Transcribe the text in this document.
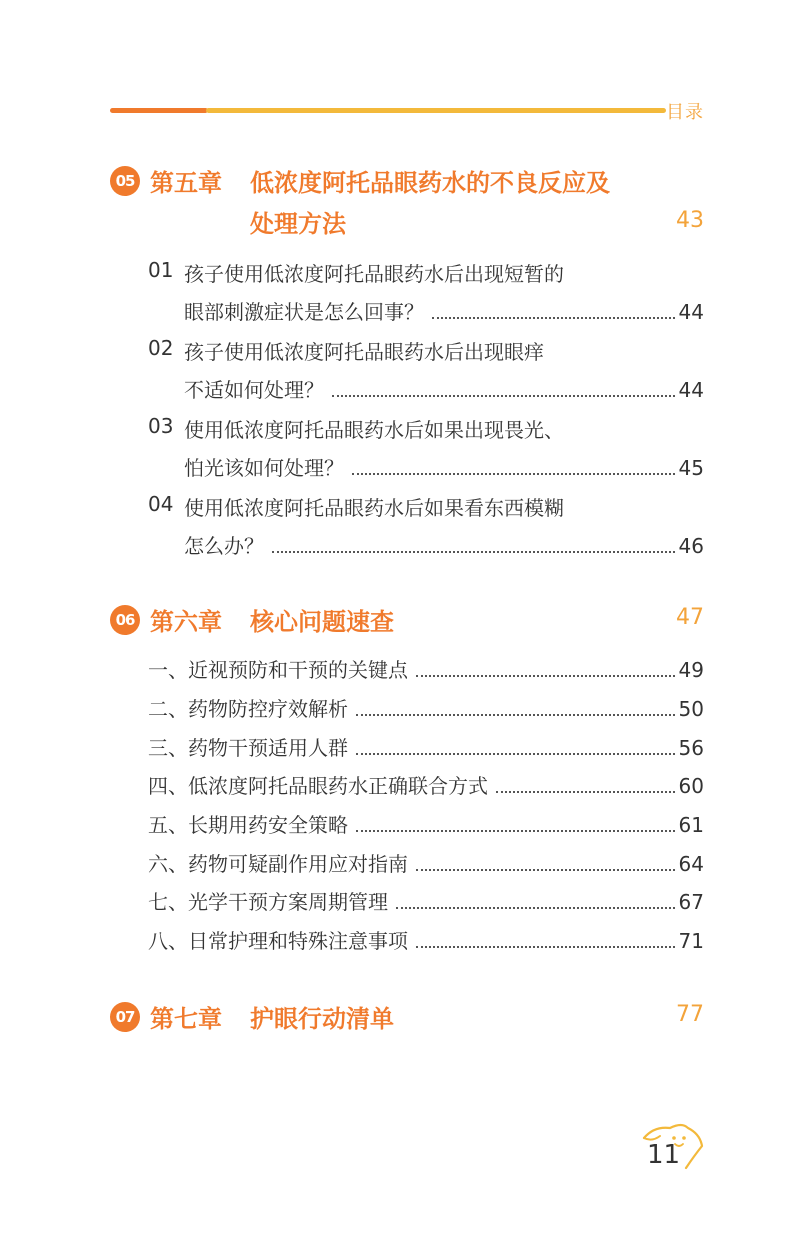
目录
05 第五章 低浓度阿托品眼药水的不良反应及
处理方法	43
01 孩子使用低浓度阿托品眼药水后出现短暂的
眼部刺激症状是怎么回事？	44
02 孩子使用低浓度阿托品眼药水后出现眼痒
不适如何处理？	44
03 使用低浓度阿托品眼药水后如果出现畏光、
怕光该如何处理？	45
04 使用低浓度阿托品眼药水后如果看东西模糊
怎么办？	46
06 第六章 核心问题速查	47
一、近视预防和干预的关键点	49
二、药物防控疗效解析	50
三、药物干预适用人群	56
四、低浓度阿托品眼药水正确联合方式	60
五、长期用药安全策略	61
六、药物可疑副作用应对指南	64
七、光学干预方案周期管理	67
八、日常护理和特殊注意事项	71
07 第七章 护眼行动清单	77
11
